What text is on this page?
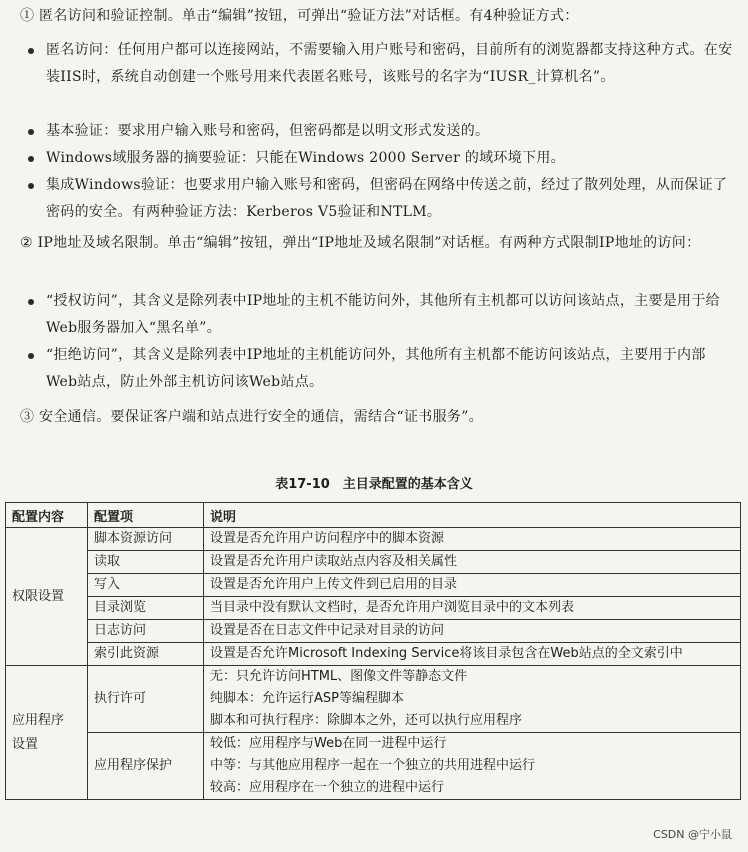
① 匿名访问和验证控制。单击“编辑”按钮，可弹出“验证方法”对话框。有4种验证方式：
匿名访问：任何用户都可以连接网站，不需要输入用户账号和密码，目前所有的浏览器都支持这种方式。在安装IIS时，系统自动创建一个账号用来代表匿名账号，该账号的名字为“IUSR_计算机名”。
基本验证：要求用户输入账号和密码，但密码都是以明文形式发送的。
Windows域服务器的摘要验证：只能在Windows 2000 Server 的域环境下用。
集成Windows验证：也要求用户输入账号和密码，但密码在网络中传送之前，经过了散列处理，从而保证了密码的安全。有两种验证方法：Kerberos V5验证和NTLM。
② IP地址及域名限制。单击“编辑”按钮，弹出“IP地址及域名限制”对话框。有两种方式限制IP地址的访问：
“授权访问”，其含义是除列表中IP地址的主机不能访问外，其他所有主机都可以访问该站点，主要是用于给Web服务器加入“黑名单”。
“拒绝访问”，其含义是除列表中IP地址的主机能访问外，其他所有主机都不能访问该站点，主要用于内部Web站点，防止外部主机访问该Web站点。
③ 安全通信。要保证客户端和站点进行安全的通信，需结合“证书服务”。
表17-10　主目录配置的基本含义
配置内容	配置项	说明
权限设置	脚本资源访问	设置是否允许用户访问程序中的脚本资源
	读取	设置是否允许用户读取站点内容及相关属性
	写入	设置是否允许用户上传文件到已启用的目录
	目录浏览	当目录中没有默认文档时，是否允许用户浏览目录中的文本列表
	日志访问	设置是否在日志文件中记录对目录的访问
	索引此资源	设置是否允许Microsoft Indexing Service将该目录包含在Web站点的全文索引中

应用程序设置	执行许可	无：只允许访问HTML、图像文件等静态文件
纯脚本：允许运行ASP等编程脚本
脚本和可执行程序：除脚本之外，还可以执行应用程序

	应用程序保护	较低：应用程序与Web在同一进程中运行
中等：与其他应用程序一起在一个独立的共用进程中运行
较高：应用程序在一个独立的进程中运行
CSDN @宁小鼠
